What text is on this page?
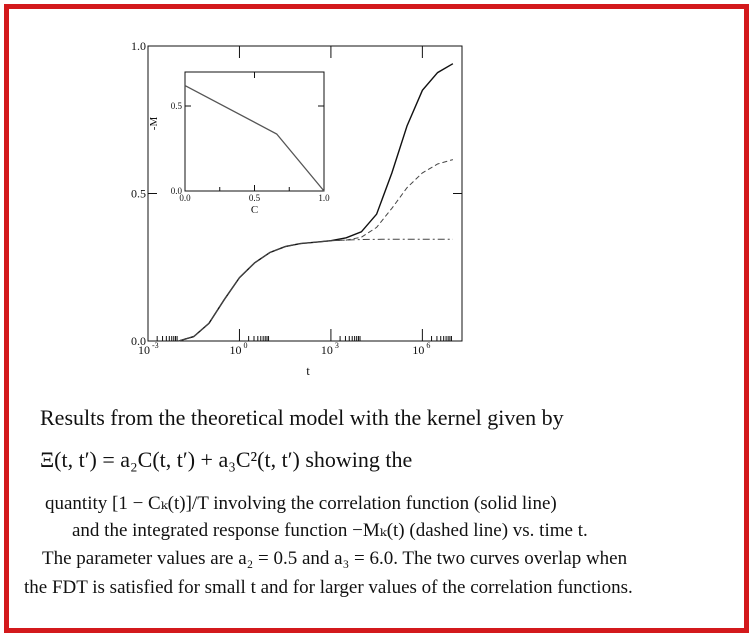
0.0
0.5
1.0
10 -3	10 0	10 3	10 6
t
0.0	0.5	1.0
0.0
0.5
C
-M
Results from the theoretical model with the kernel given by
Ξ(t, t′) = a₂C(t, t′) + a₃C²(t, t′) showing the
quantity [1 − Cₖ(t)]/T involving the correlation function (solid line)
and the integrated response function −Mₖ(t) (dashed line) vs. time t.
The parameter values are a₂ = 0.5 and a₃ = 6.0. The two curves overlap when
the FDT is satisfied for small t and for larger values of the correlation functions.
